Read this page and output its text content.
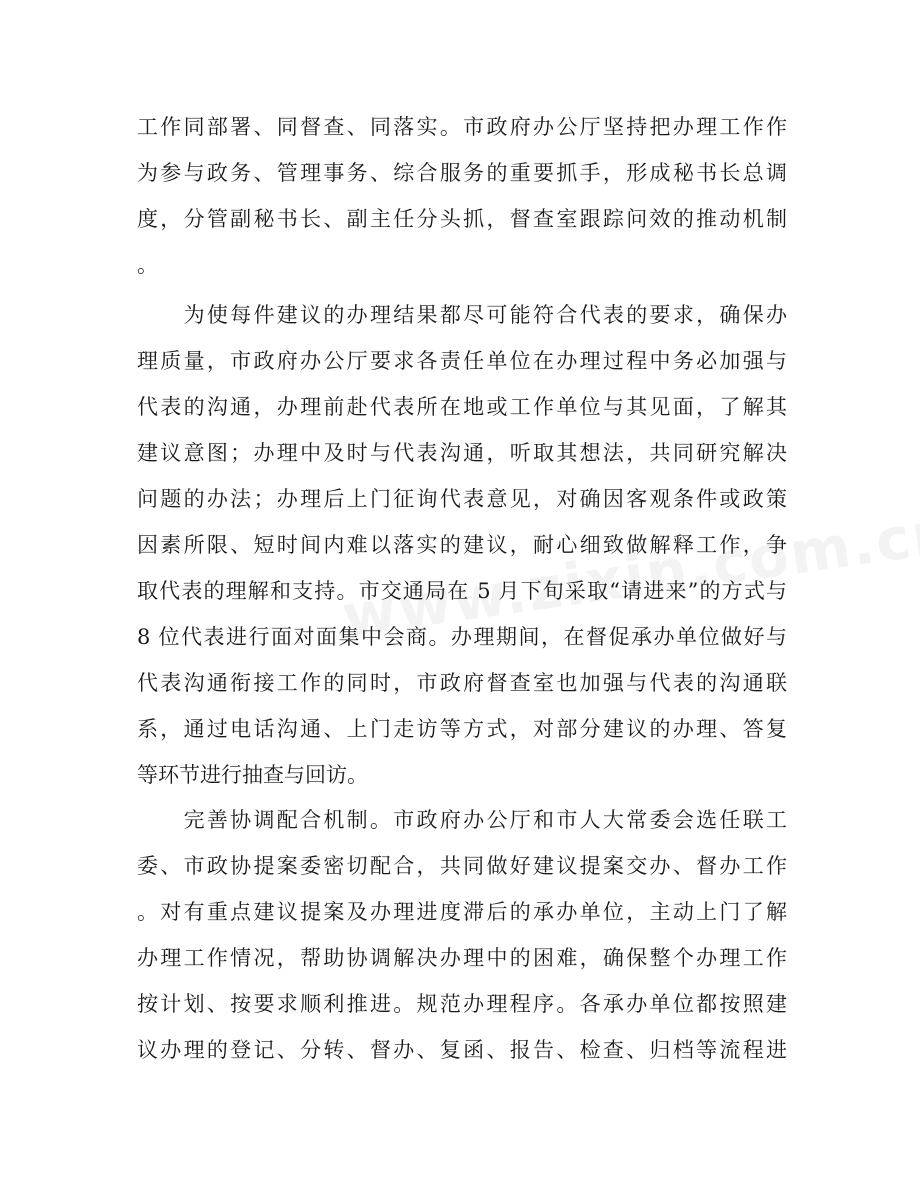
工作同部署、同督查、同落实。市政府办公厅坚持把办理工作作
为参与政务、管理事务、综合服务的重要抓手，形成秘书长总调
度，分管副秘书长、副主任分头抓，督查室跟踪问效的推动机制
。
　　为使每件建议的办理结果都尽可能符合代表的要求，确保办
理质量，市政府办公厅要求各责任单位在办理过程中务必加强与
代表的沟通，办理前赴代表所在地或工作单位与其见面，了解其
建议意图；办理中及时与代表沟通，听取其想法，共同研究解决
问题的办法；办理后上门征询代表意见，对确因客观条件或政策
因素所限、短时间内难以落实的建议，耐心细致做解释工作，争
取代表的理解和支持。市交通局在 5 月下旬采取“请进来”的方式与
8 位代表进行面对面集中会商。办理期间，在督促承办单位做好与
代表沟通衔接工作的同时，市政府督查室也加强与代表的沟通联
系，通过电话沟通、上门走访等方式，对部分建议的办理、答复
等环节进行抽查与回访。
　　完善协调配合机制。市政府办公厅和市人大常委会选任联工
委、市政协提案委密切配合，共同做好建议提案交办、督办工作
。对有重点建议提案及办理进度滞后的承办单位，主动上门了解
办理工作情况，帮助协调解决办理中的困难，确保整个办理工作
按计划、按要求顺利推进。规范办理程序。各承办单位都按照建
议办理的登记、分转、督办、复函、报告、检查、归档等流程进
